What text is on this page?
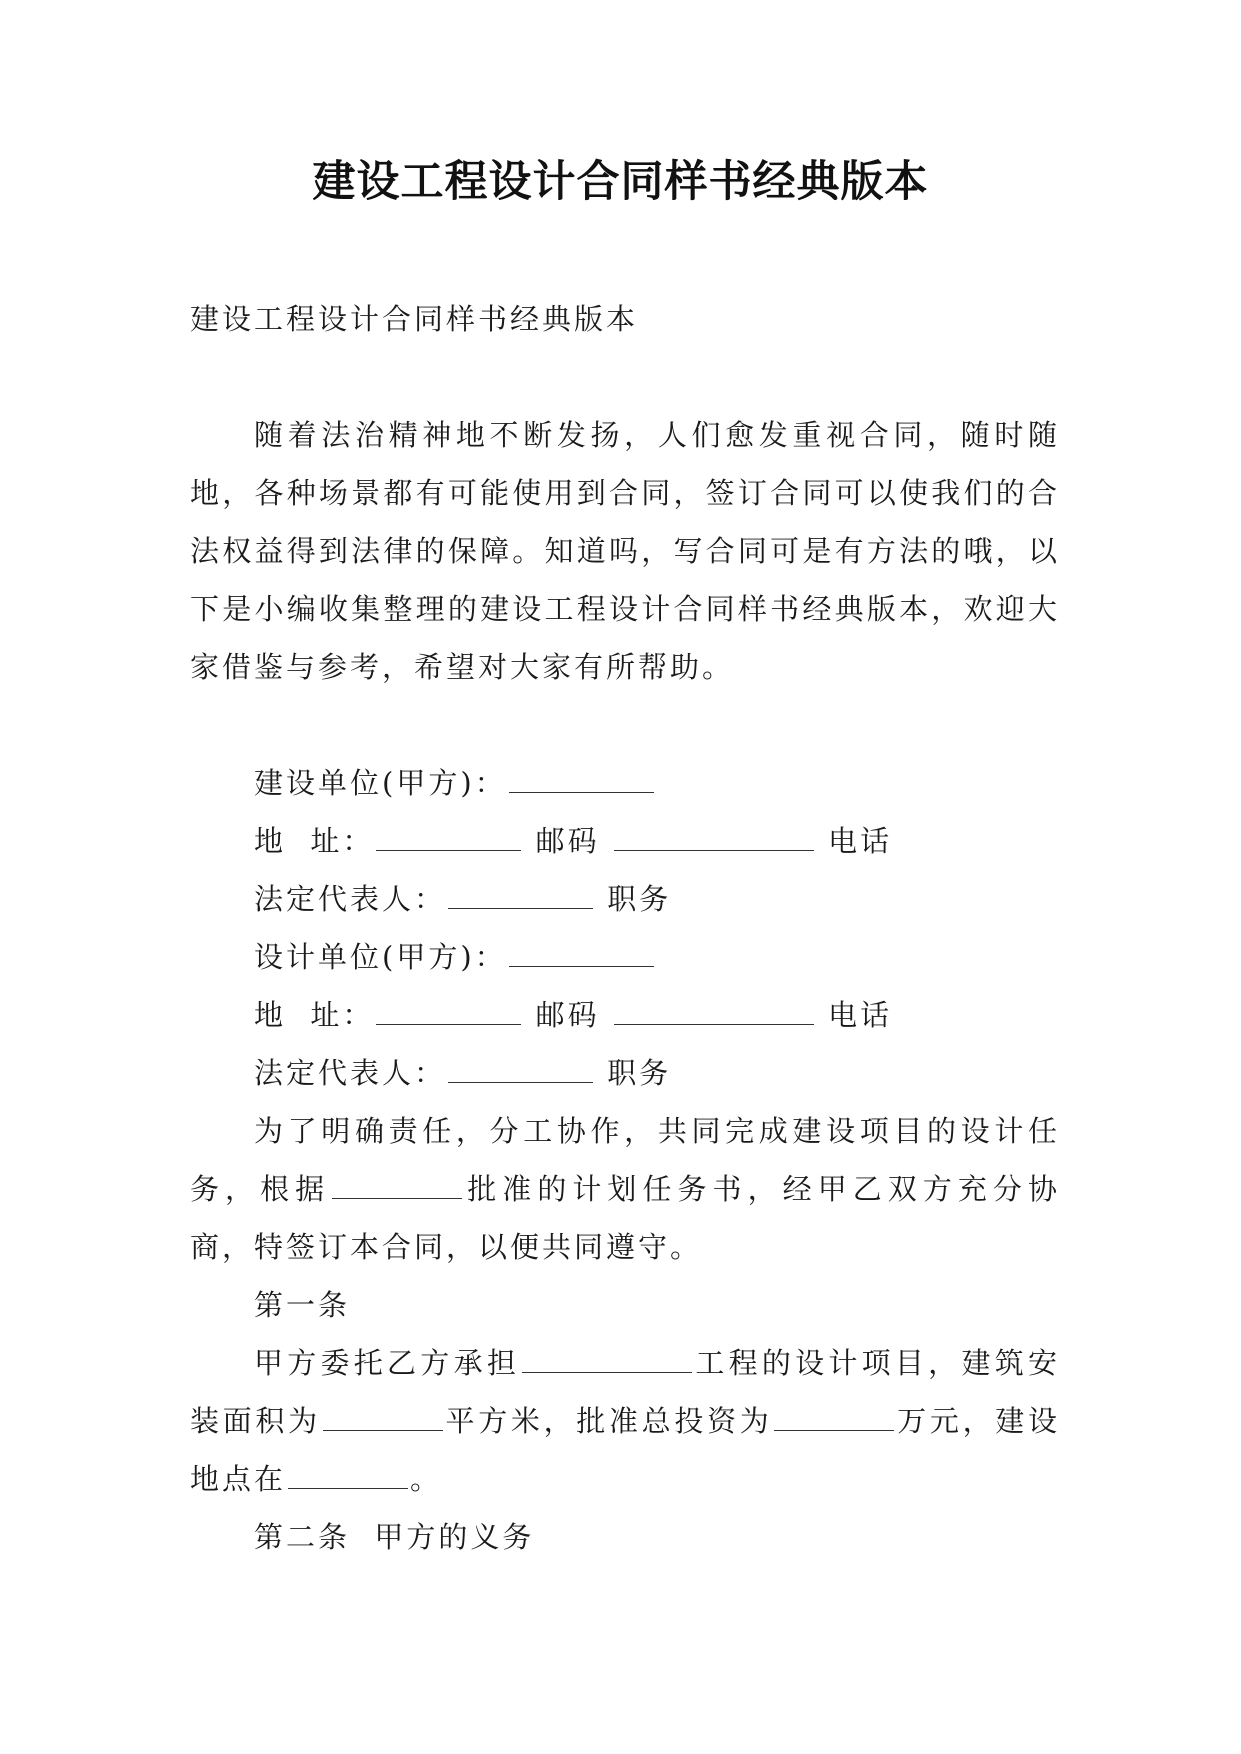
建设工程设计合同样书经典版本

建设工程设计合同样书经典版本

随着法治精神地不断发扬，人们愈发重视合同，随时随地，各种场景都有可能使用到合同，签订合同可以使我们的合法权益得到法律的保障。知道吗，写合同可是有方法的哦，以下是小编收集整理的建设工程设计合同样书经典版本，欢迎大家借鉴与参考，希望对大家有所帮助。

建设单位(甲方)：

地  址：	邮码	电话

法定代表人：	职务

设计单位(甲方)：

地  址：	邮码	电话

法定代表人：	职务

为了明确责任，分工协作，共同完成建设项目的设计任务，根据	批准的计划任务书，经甲乙双方充分协商，特签订本合同，以便共同遵守。

第一条

甲方委托乙方承担	工程的设计项目，建筑安装面积为	平方米，批准总投资为	万元，建设地点在	。

第二条  甲方的义务
